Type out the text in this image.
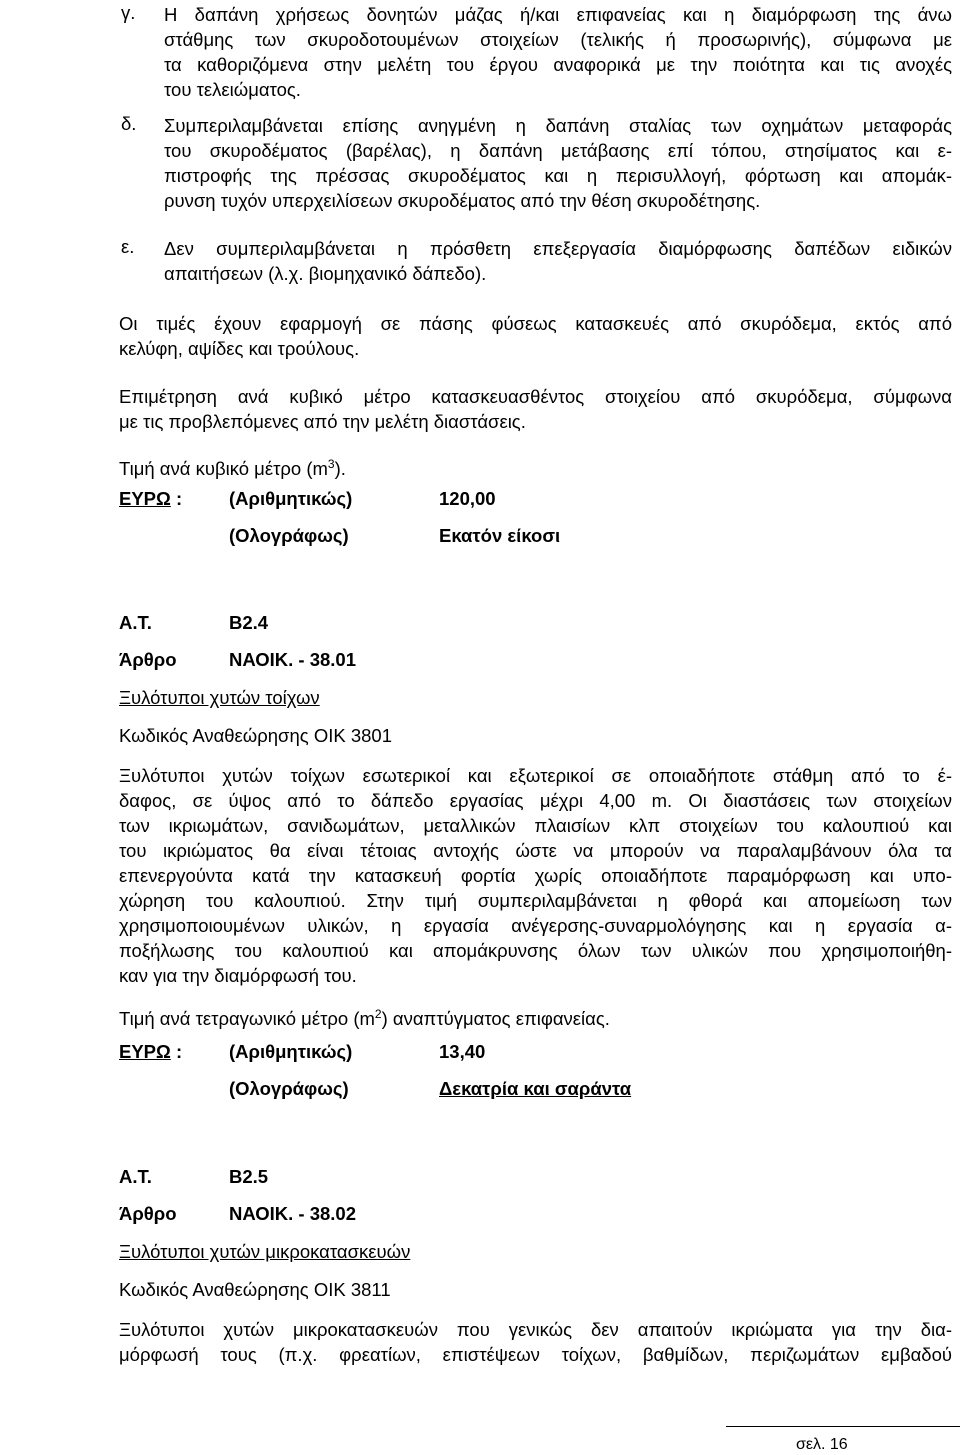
γ. Η δαπάνη χρήσεως δονητών μάζας ή/και επιφανείας και η διαμόρφωση της άνω
στάθμης των σκυροδοτουμένων στοιχείων (τελικής ή προσωρινής), σύμφωνα με
τα καθοριζόμενα στην μελέτη του έργου αναφορικά με την ποιότητα και τις ανοχές
του τελειώματος.
δ. Συμπεριλαμβάνεται επίσης ανηγμένη η δαπάνη σταλίας των οχημάτων μεταφοράς
του σκυροδέματος (βαρέλας), η δαπάνη μετάβασης επί τόπου, στησίματος και ε-
πιστροφής της πρέσσας σκυροδέματος και η περισυλλογή, φόρτωση και απομάκ-
ρυνση τυχόν υπερχειλίσεων σκυροδέματος από την θέση σκυροδέτησης.
ε. Δεν συμπεριλαμβάνεται η πρόσθετη επεξεργασία διαμόρφωσης δαπέδων ειδικών
απαιτήσεων (λ.χ. βιομηχανικό δάπεδο).
Οι τιμές έχουν εφαρμογή σε πάσης φύσεως κατασκευές από σκυρόδεμα, εκτός από
κελύφη, αψίδες και τρούλους.
Επιμέτρηση ανά κυβικό μέτρο κατασκευασθέντος στοιχείου από σκυρόδεμα, σύμφωνα
με τις προβλεπόμενες από την μελέτη διαστάσεις.
Τιμή ανά κυβικό μέτρο $(m^3)$.
ΕΥΡΩ :	(Αριθμητικώς)	120,00
(Ολογράφως)	Εκατόν είκοσι
Α.Τ.	Β2.4
Άρθρο	ΝΑΟΙΚ. - 38.01
Ξυλότυποι χυτών τοίχων
Κωδικός Αναθεώρησης ΟΙΚ 3801
Ξυλότυποι χυτών τοίχων εσωτερικοί και εξωτερικοί σε οποιαδήποτε στάθμη από το έ-
δαφος, σε ύψος από το δάπεδο εργασίας μέχρι 4,00 m. Οι διαστάσεις των στοιχείων
των ικριωμάτων, σανιδωμάτων, μεταλλικών πλαισίων κλπ στοιχείων του καλουπιού και
του ικριώματος θα είναι τέτοιας αντοχής ώστε να μπορούν να παραλαμβάνουν όλα τα
επενεργούντα κατά την κατασκευή φορτία χωρίς οποιαδήποτε παραμόρφωση και υπο-
χώρηση του καλουπιού. Στην τιμή συμπεριλαμβάνεται η φθορά και απομείωση των
χρησιμοποιουμένων υλικών, η εργασία ανέγερσης-συναρμολόγησης και η εργασία α-
ποξήλωσης του καλουπιού και απομάκρυνσης όλων των υλικών που χρησιμοποιήθη-
καν για την διαμόρφωσή του.
Τιμή ανά τετραγωνικό μέτρο $(m^2)$ αναπτύγματος επιφανείας.
ΕΥΡΩ :	(Αριθμητικώς)	13,40
(Ολογράφως)	Δεκατρία και σαράντα
Α.Τ.	Β2.5
Άρθρο	ΝΑΟΙΚ. - 38.02
Ξυλότυποι χυτών μικροκατασκευών
Κωδικός Αναθεώρησης ΟΙΚ 3811
Ξυλότυποι χυτών μικροκατασκευών που γενικώς δεν απαιτούν ικριώματα για την δια-
μόρφωσή τους (π.χ. φρεατίων, επιστέψεων τοίχων, βαθμίδων, περιζωμάτων εμβαδού
σελ. 16
